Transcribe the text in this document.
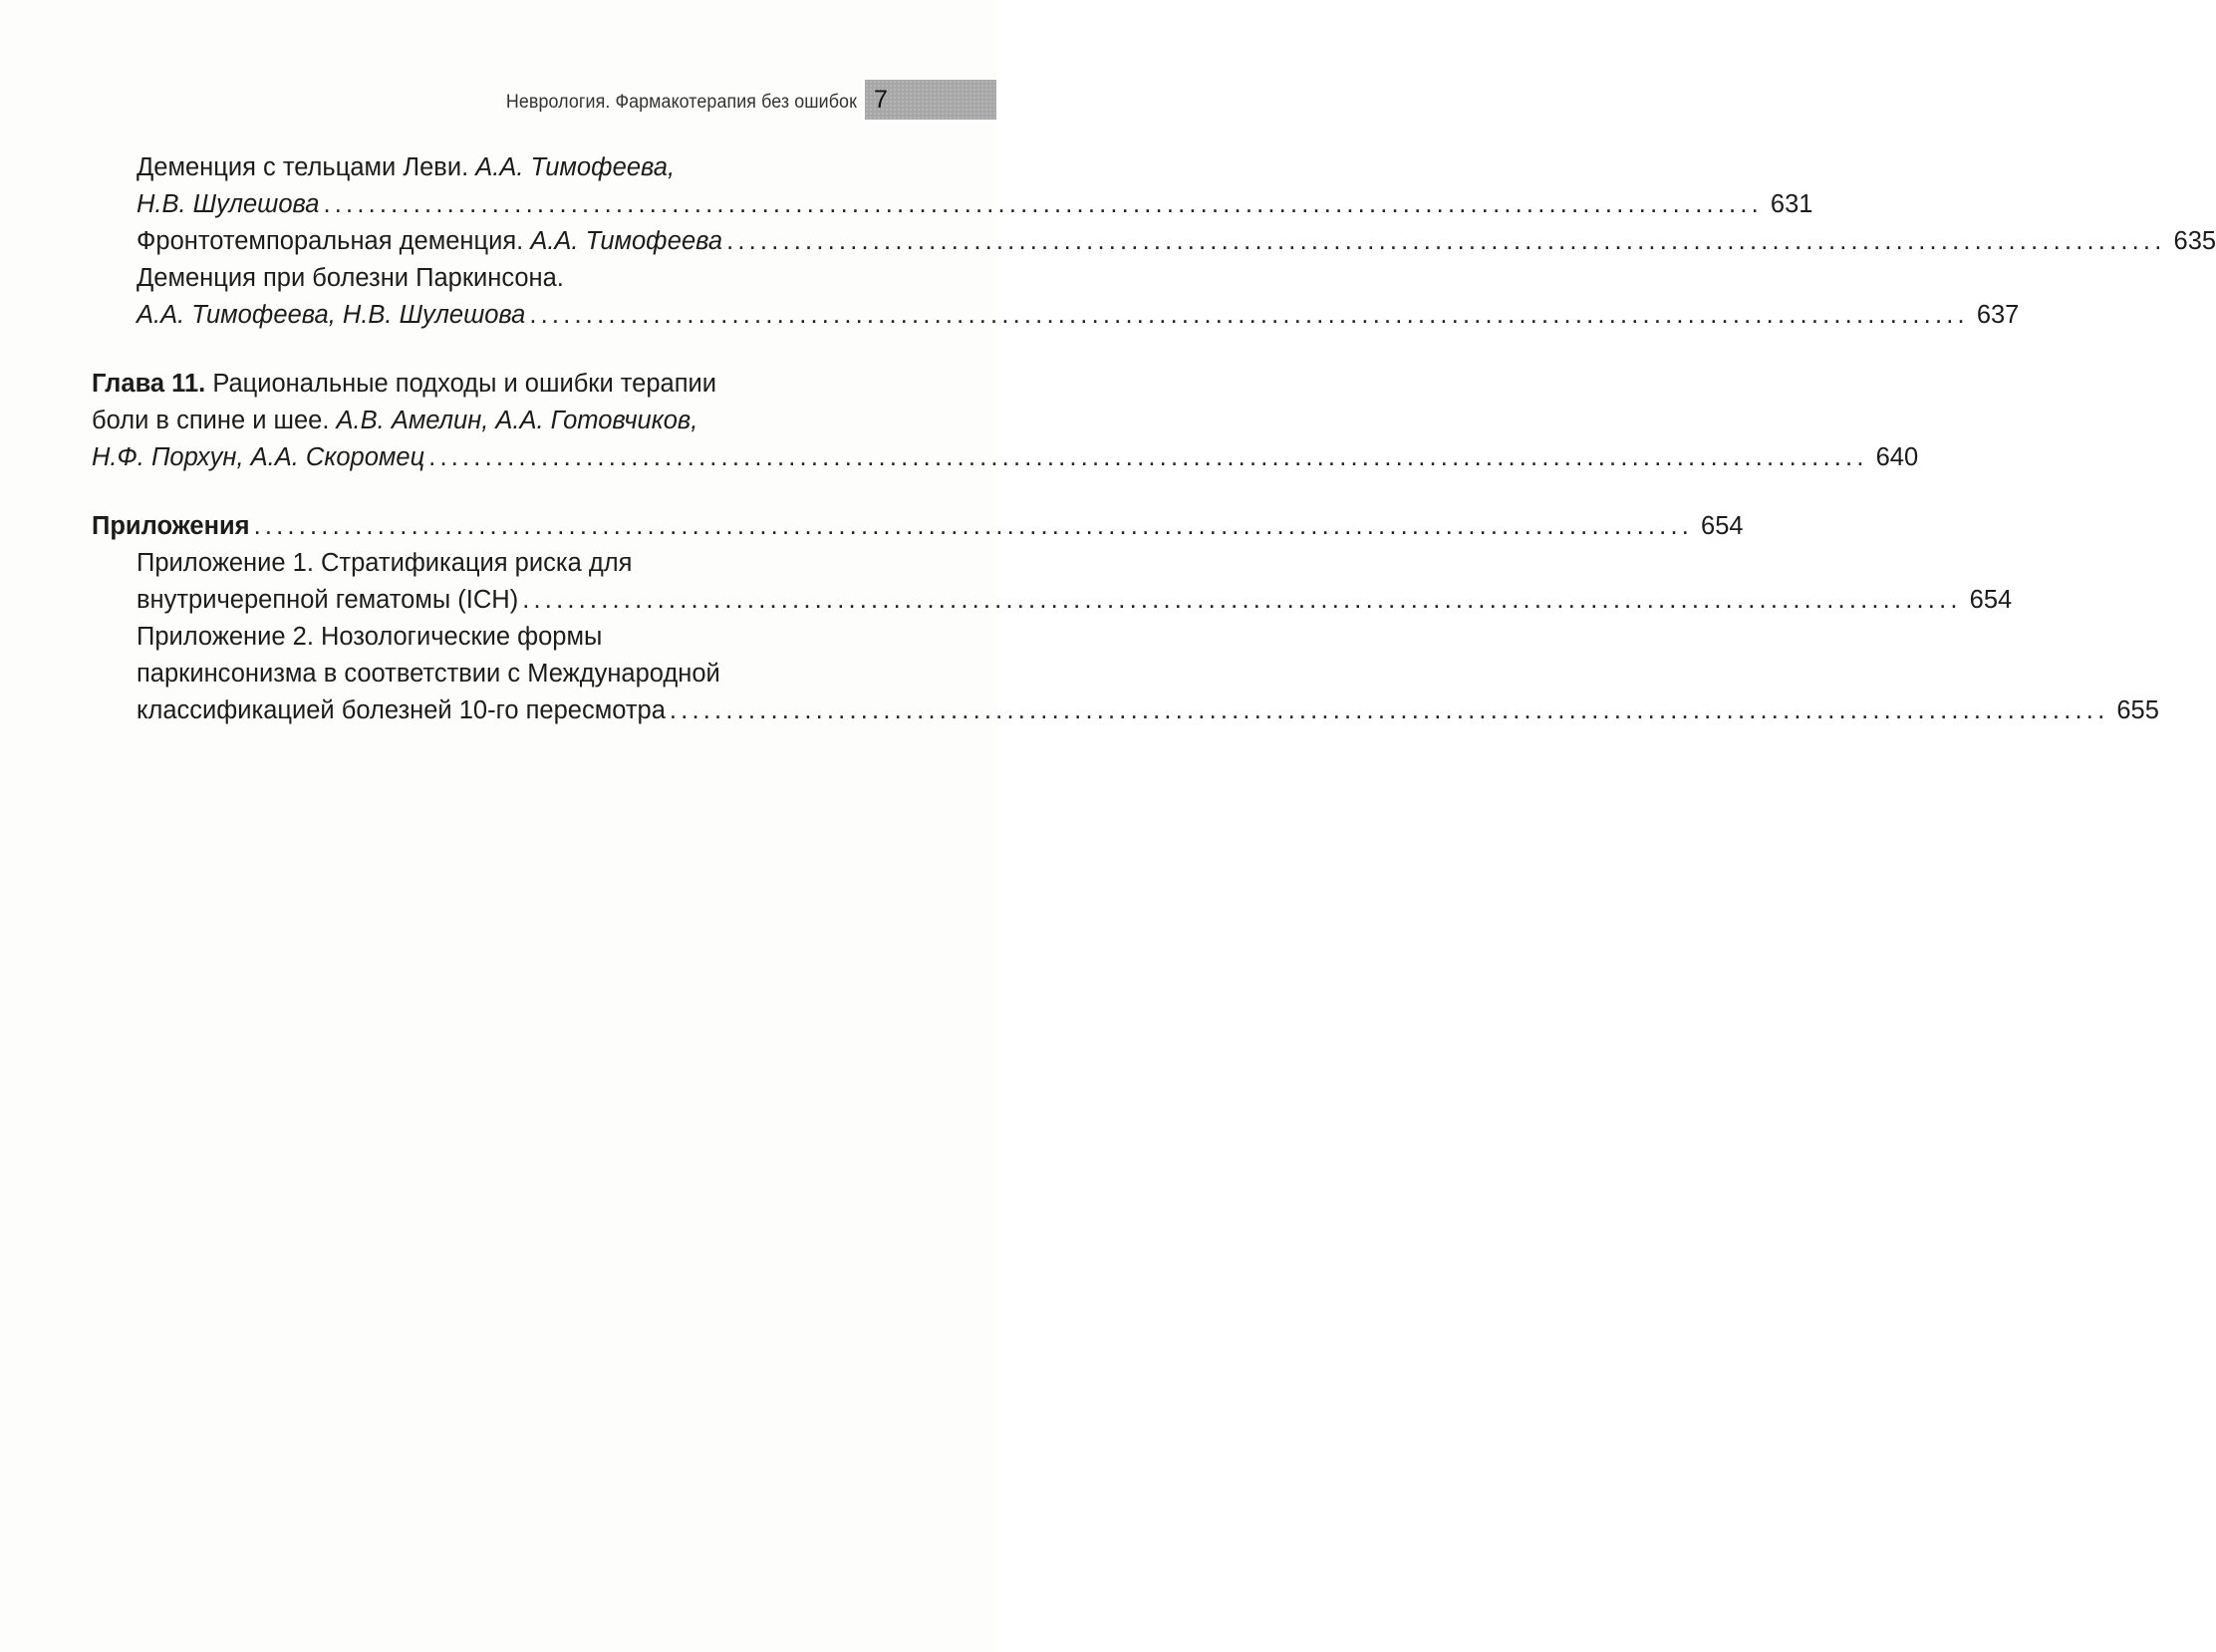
Неврология. Фармакотерапия без ошибок 7
Деменция с тельцами Леви. А.А. Тимофеева,
Н.В. Шулешова ................................................................................................................................ 631
Фронтотемпоральная деменция. А.А. Тимофеева ................................................................................................................................ 635
Деменция при болезни Паркинсона.
А.А. Тимофеева, Н.В. Шулешова ................................................................................................................................ 637
Глава 11. Рациональные подходы и ошибки терапии
боли в спине и шее. А.В. Амелин, А.А. Готовчиков,
Н.Ф. Порхун, А.А. Скоромец ................................................................................................................................ 640
Приложения ................................................................................................................................ 654
Приложение 1. Стратификация риска для
внутричерепной гематомы (ICH) ................................................................................................................................ 654
Приложение 2. Нозологические формы
паркинсонизма в соответствии с Международной
классификацией болезней 10-го пересмотра ................................................................................................................................ 655
